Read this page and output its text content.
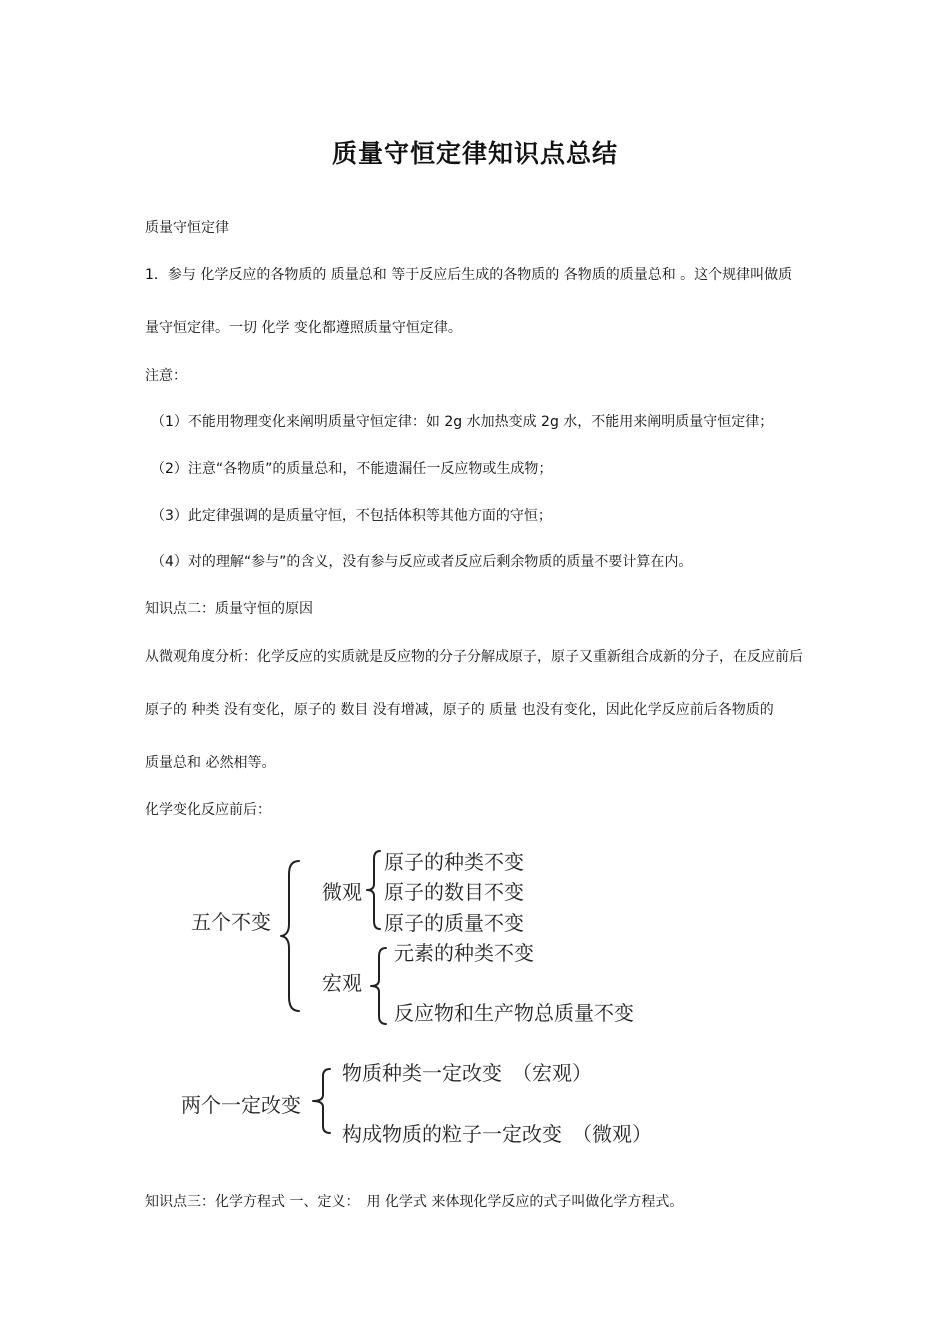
质量守恒定律知识点总结
质量守恒定律
1．参与 化学反应的各物质的 质量总和 等于反应后生成的各物质的 各物质的质量总和 。这个规律叫做质
量守恒定律。一切 化学 变化都遵照质量守恒定律。
注意：
（1）不能用物理变化来阐明质量守恒定律：如 2g 水加热变成 2g 水，不能用来阐明质量守恒定律；
（2）注意“各物质”的质量总和，不能遗漏任一反应物或生成物；
（3）此定律强调的是质量守恒，不包括体积等其他方面的守恒；
（4）对的理解“参与”的含义，没有参与反应或者反应后剩余物质的质量不要计算在内。
知识点二：质量守恒的原因
从微观角度分析：化学反应的实质就是反应物的分子分解成原子，原子又重新组合成新的分子，在反应前后
原子的 种类 没有变化，原子的 数目 没有增减，原子的 质量 也没有变化，因此化学反应前后各物质的
质量总和 必然相等。
化学变化反应前后：
五个不变
微观
原子的种类不变
原子的数目不变
原子的质量不变
宏观
元素的种类不变
反应物和生产物总质量不变
两个一定改变
物质种类一定改变　（宏观）
构成物质的粒子一定改变　（微观）
知识点三：化学方程式 一、定义：　用 化学式 来体现化学反应的式子叫做化学方程式。
